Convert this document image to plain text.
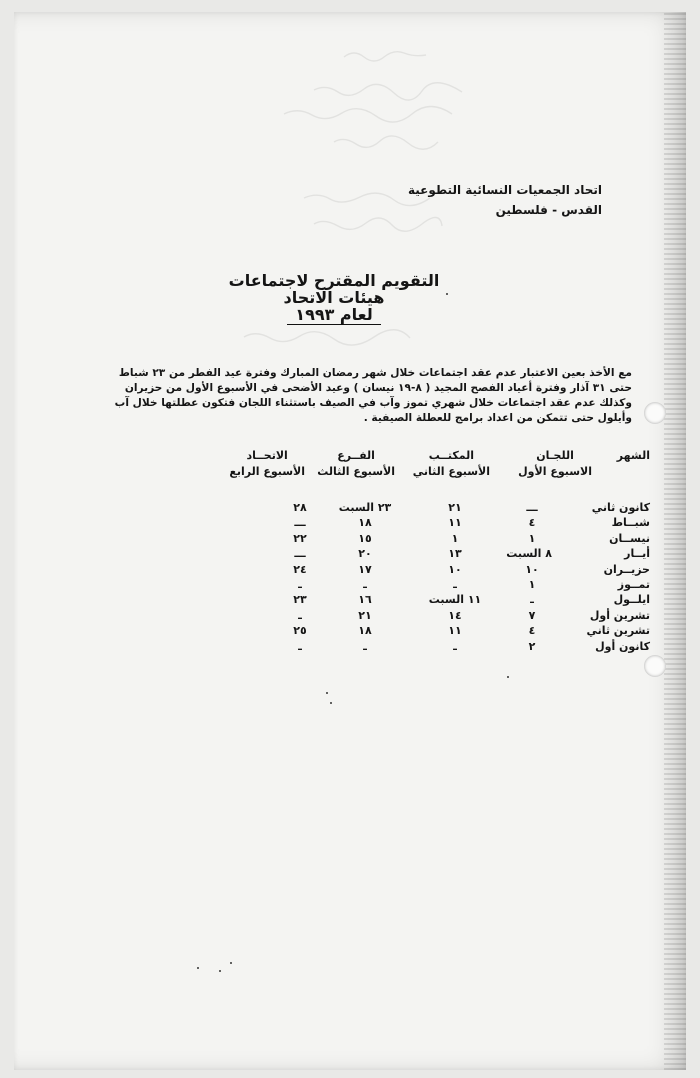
اتحاد الجمعيات النسائية التطوعية
القدس - فلسطين
التقويم المقترح لاجتماعات
هيئات الاتحاد
لعام ١٩٩٣
مع الأخذ بعين الاعتبار عدم عقد اجتماعات خلال شهر رمضان المبارك وفترة عيد الفطر من ٢٣ شباط حتى ٣١ آذار وفترة أعياد الفصح المجيد ( ٨-١٩ نيسان ) وعيد الأضحى في الأسبوع الأول من حزيران وكذلك عدم عقد اجتماعات خلال شهري تموز وآب في الصيف باستثناء اللجان فتكون عطلتها خلال آب وأيلول حتى تتمكن من اعداد برامج للعطلة الصيفية .
الشهر
اللجـان
الاسبوع الأول
المكتــب
الأسبوع الثاني
الفــرع
الأسبوع الثالث
الاتحــاد
الأسبوع الرابع
كانون ثاني
ـــ
٢١
٢٣ السبت
٢٨
شبــاط
٤
١١
١٨
ـــ
نيســان
١
١
١٥
٢٢
أيــار
٨ السبت
١٣
٢٠
ـــ
حزيــران
١٠
١٠
١٧
٢٤
تمــوز
١
ـ
ـ
ـ
ايلــول
ـ
١١ السبت
١٦
٢٣
تشرين أول
٧
١٤
٢١
ـ
تشرين ثاني
٤
١١
١٨
٢٥
كانون أول
٢
ـ
ـ
ـ
